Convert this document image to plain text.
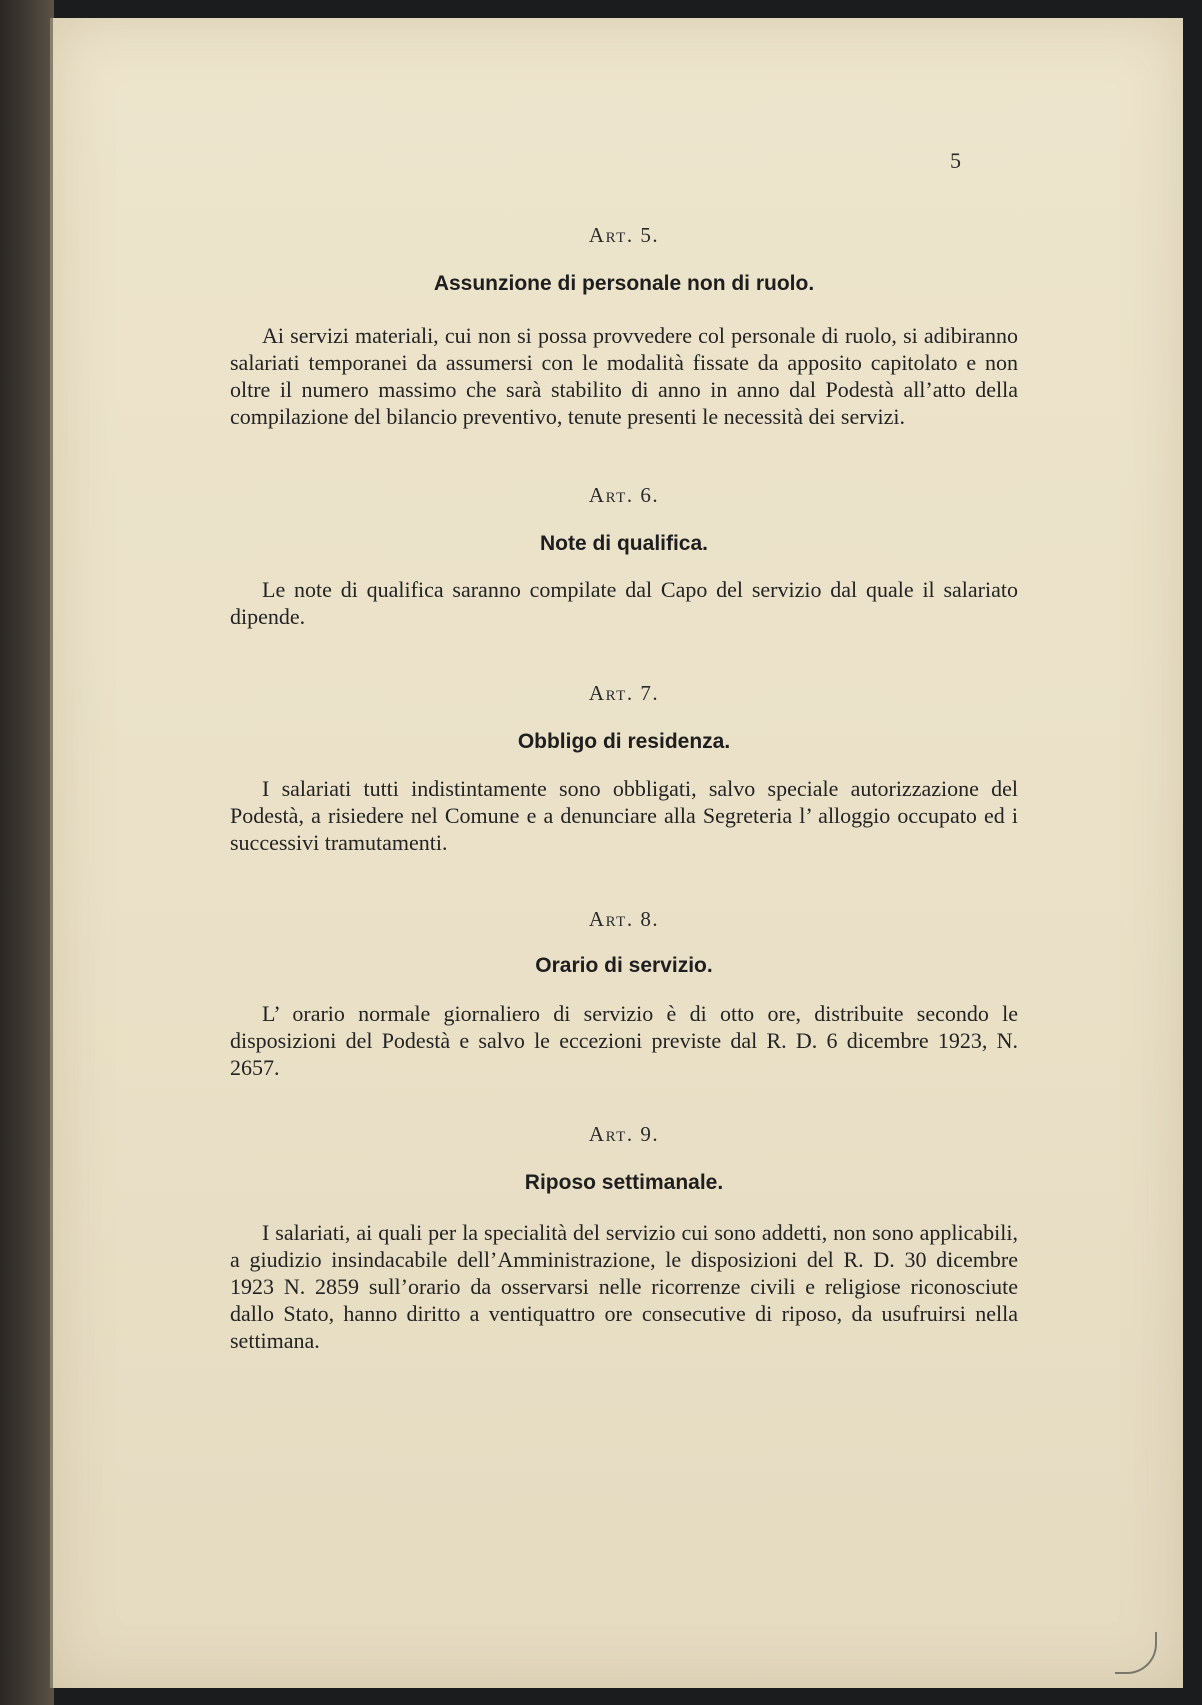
5

Art. 5.

Assunzione di personale non di ruolo.

Ai servizi materiali, cui non si possa provvedere col personale di ruolo, si adibiranno salariati temporanei da assumersi con le modalità fissate da apposito capitolato e non oltre il numero massimo che sarà stabilito di anno in anno dal Podestà all’atto della compilazione del bilancio preventivo, tenute presenti le necessità dei servizi.

Art. 6.

Note di qualifica.

Le note di qualifica saranno compilate dal Capo del servizio dal quale il salariato dipende.

Art. 7.

Obbligo di residenza.

I salariati tutti indistintamente sono obbligati, salvo speciale autorizzazione del Podestà, a risiedere nel Comune e a denunciare alla Segreteria l’ alloggio occupato ed i successivi tramutamenti.

Art. 8.

Orario di servizio.

L’ orario normale giornaliero di servizio è di otto ore, distribuite secondo le disposizioni del Podestà e salvo le eccezioni previste dal R. D. 6 dicembre 1923, N. 2657.

Art. 9.

Riposo settimanale.

I salariati, ai quali per la specialità del servizio cui sono addetti, non sono applicabili, a giudizio insindacabile dell’Amministrazione, le disposizioni del R. D. 30 dicembre 1923 N. 2859 sull’orario da osservarsi nelle ricorrenze civili e religiose riconosciute dallo Stato, hanno diritto a ventiquattro ore consecutive di riposo, da usufruirsi nella settimana.
